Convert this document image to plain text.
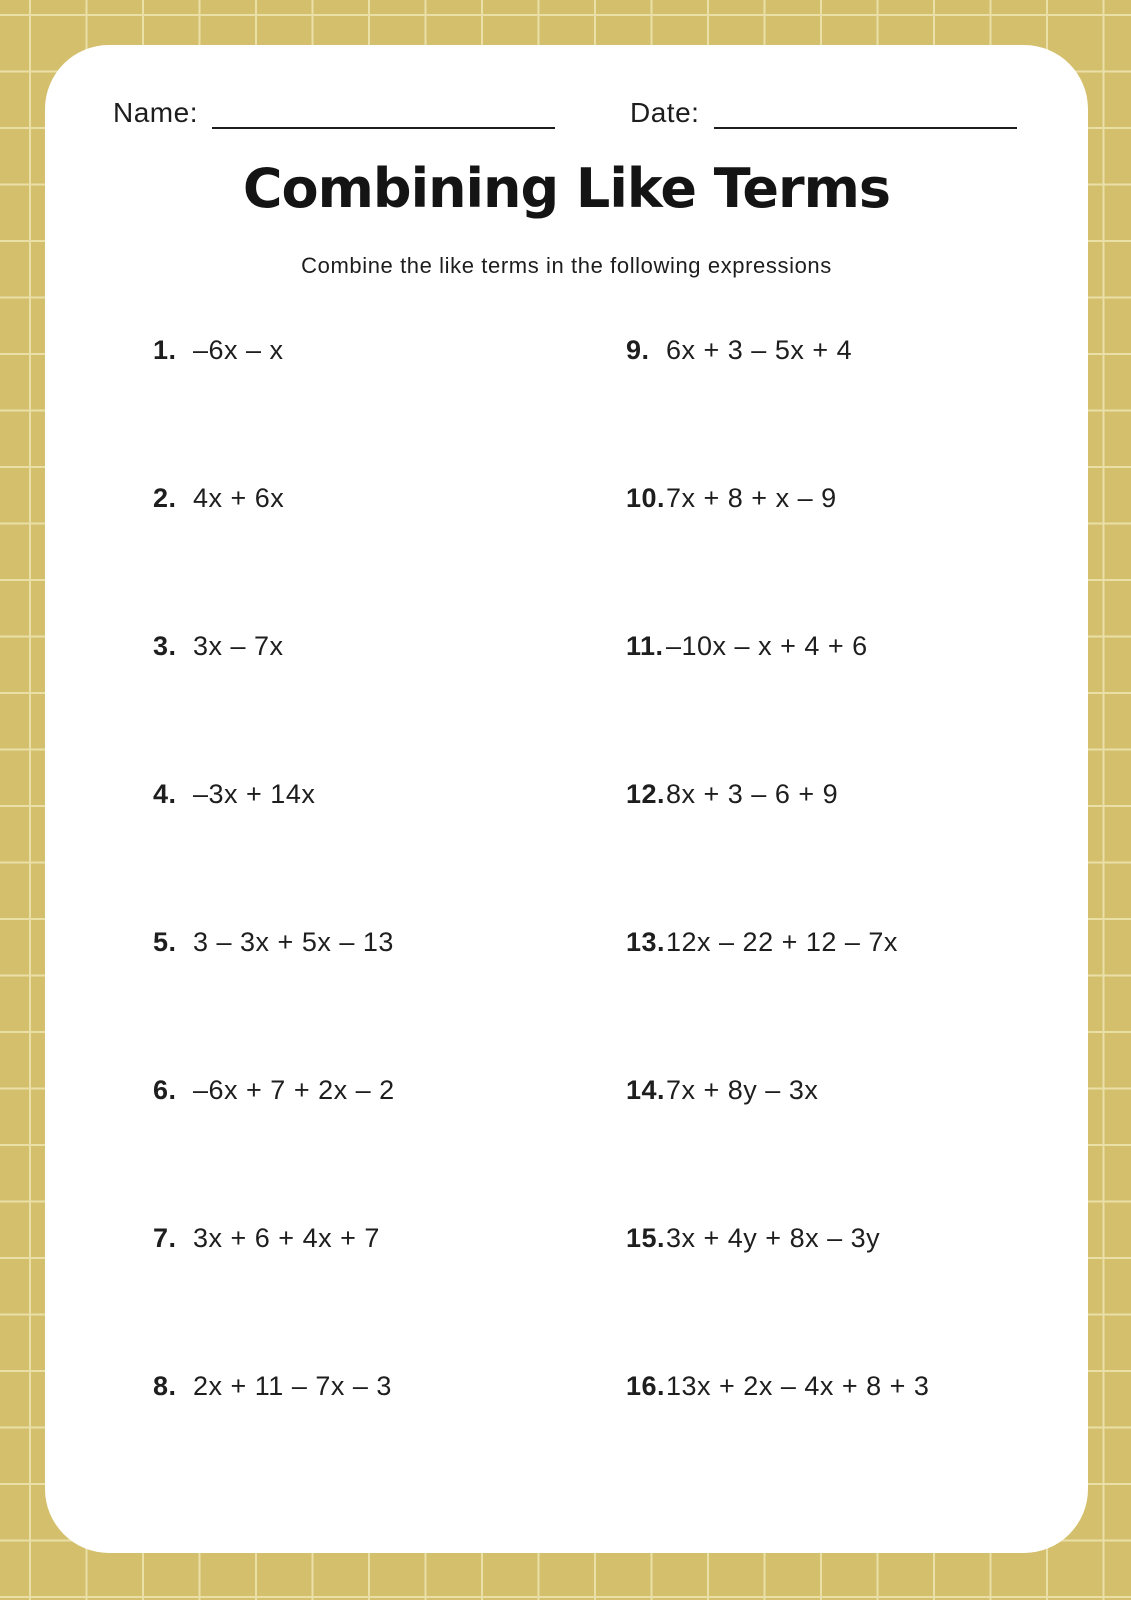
Name:	Date:
Combining Like Terms

Combine the like terms in the following expressions

1. –6x – x
2. 4x + 6x
3. 3x – 7x
4. –3x + 14x
5. 3 – 3x + 5x – 13
6. –6x + 7 + 2x – 2
7. 3x + 6 + 4x + 7
8. 2x + 11 – 7x – 3
9. 6x + 3 – 5x + 4
10. 7x + 8 + x – 9
11. –10x – x + 4 + 6
12. 8x + 3 – 6 + 9
13. 12x – 22 + 12 – 7x
14. 7x + 8y – 3x
15. 3x + 4y + 8x – 3y
16. 13x + 2x – 4x + 8 + 3
